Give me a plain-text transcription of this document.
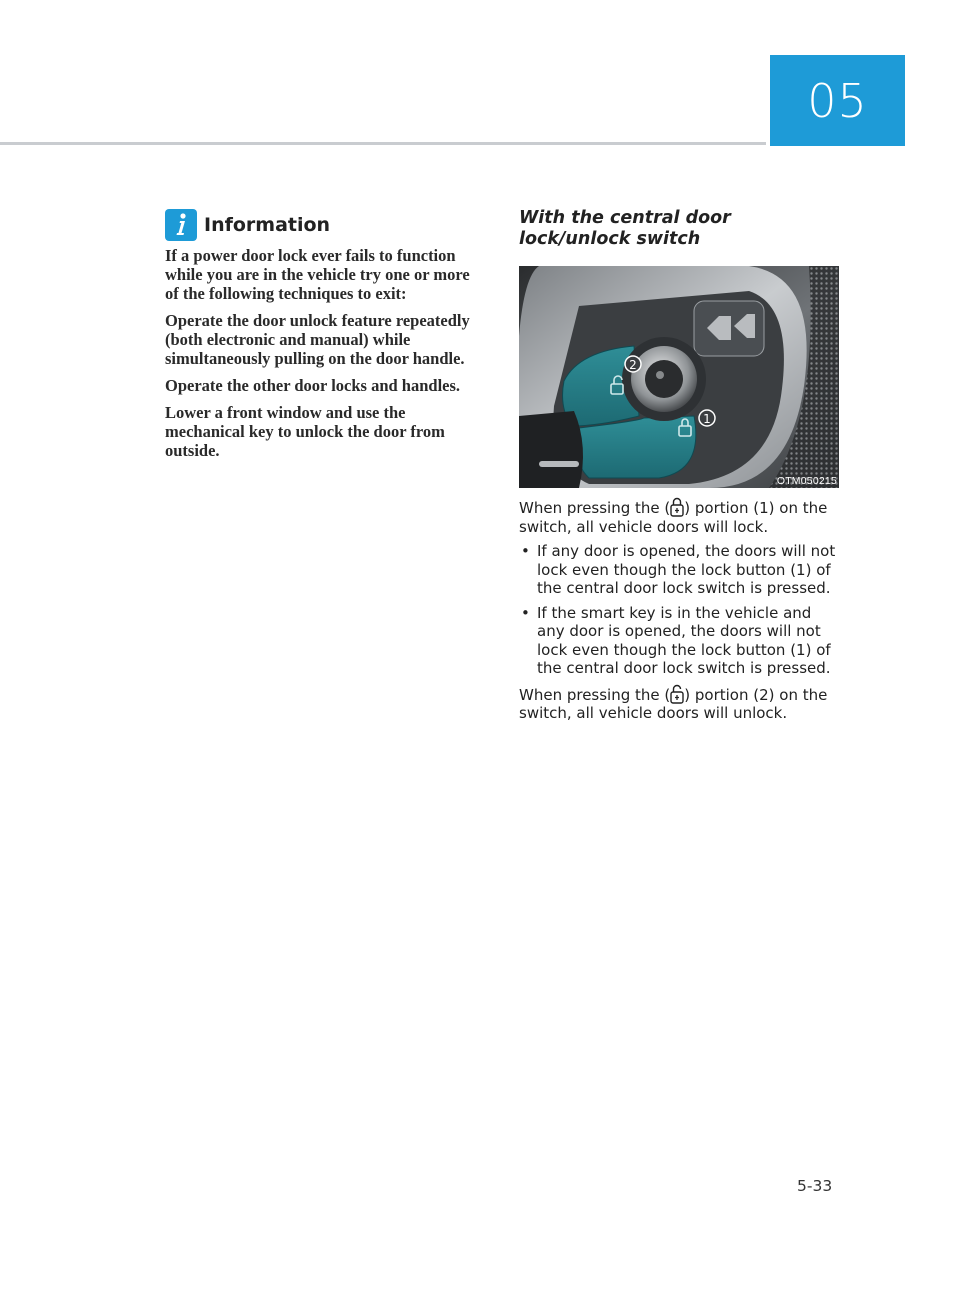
05
Information

If a power door lock ever fails to function while you are in the vehicle try one or more of the following techniques to exit:

Operate the door unlock feature repeatedly (both electronic and manual) while simultaneously pulling on the door handle.

Operate the other door locks and handles.

Lower a front window and use the mechanical key to unlock the door from outside.

With the central door lock/unlock switch
2
1
OTM050215

When pressing the ( ) portion (1) on the switch, all vehicle doors will lock.

• If any door is opened, the doors will not lock even though the lock button (1) of the central door lock switch is pressed.
• If the smart key is in the vehicle and any door is opened, the doors will not lock even though the lock button (1) of the central door lock switch is pressed.

When pressing the ( ) portion (2) on the switch, all vehicle doors will unlock.

5-33
